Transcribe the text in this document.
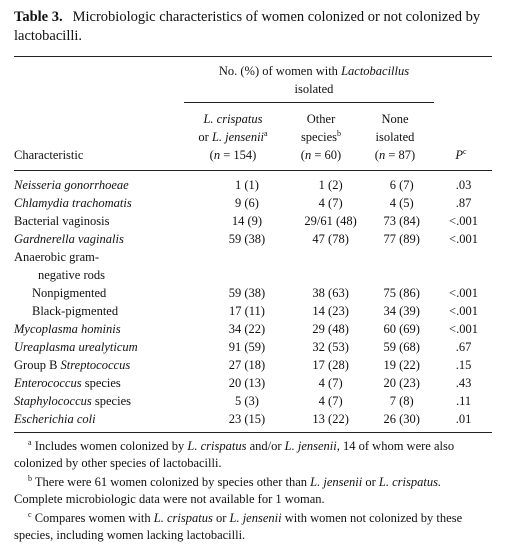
Table 3. Microbiologic characteristics of women colonized or not colonized by lactobacilli.
No. (%) of women with Lactobacillus
isolated
L. crispatus
or L. jensenii$^a$
(n = 154)
Other
species$^b$
(n = 60)
None
isolated
(n = 87)
Characteristic	$P^c$
Neisseria gonorrhoeae	1 (1)	1 (2)	6 (7)	.03
Chlamydia trachomatis	9 (6)	4 (7)	4 (5)	.87
Bacterial vaginosis	14 (9)	29/61 (48)	73 (84)	<.001
Gardnerella vaginalis	59 (38)	47 (78)	77 (89)	<.001
Anaerobic gram-				
negative rods				
Nonpigmented	59 (38)	38 (63)	75 (86)	<.001
Black-pigmented	17 (11)	14 (23)	34 (39)	<.001
Mycoplasma hominis	34 (22)	29 (48)	60 (69)	<.001
Ureaplasma urealyticum	91 (59)	32 (53)	59 (68)	.67
Group B Streptococcus	27 (18)	17 (28)	19 (22)	.15
Enterococcus species	20 (13)	4 (7)	20 (23)	.43
Staphylococcus species	5 (3)	4 (7)	7 (8)	.11
Escherichia coli	23 (15)	13 (22)	26 (30)	.01
$^a$ Includes women colonized by L. crispatus and/or L. jensenii, 14 of whom were also colonized by other species of lactobacilli.
$^b$ There were 61 women colonized by species other than L. jensenii or L. crispatus. Complete microbiologic data were not available for 1 woman.
$^c$ Compares women with L. crispatus or L. jensenii with women not colonized by these species, including women lacking lactobacilli.
